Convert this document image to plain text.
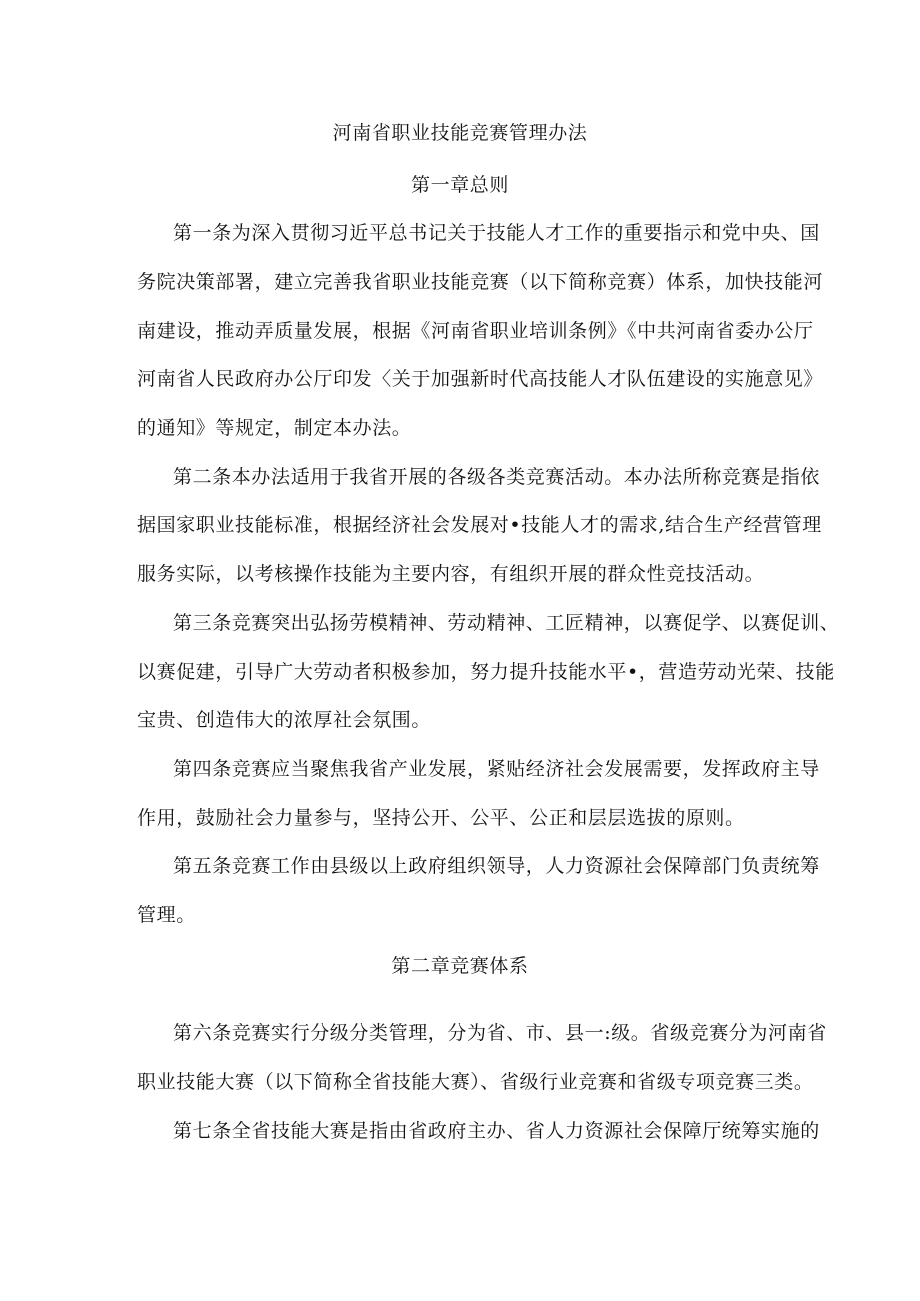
河南省职业技能竞赛管理办法
第一章总则
第一条为深入贯彻习近平总书记关于技能人才工作的重要指示和党中央、国
务院决策部署，建立完善我省职业技能竞赛（以下简称竞赛）体系，加快技能河
南建设，推动弄质量发展，根据《河南省职业培训条例》《中共河南省委办公厅
河南省人民政府办公厅印发〈关于加强新时代高技能人才队伍建设的实施意见》
的通知》等规定，制定本办法。
第二条本办法适用于我省开展的各级各类竞赛活动。本办法所称竞赛是指依
据国家职业技能标准，根据经济社会发展对•技能人才的需求,结合生产经营管理
服务实际，以考核操作技能为主要内容，有组织开展的群众性竞技活动。
第三条竞赛突出弘扬劳模精神、劳动精神、工匠精神，以赛促学、以赛促训、
以赛促建，引导广大劳动者积极参加，努力提升技能水平•，营造劳动光荣、技能
宝贵、创造伟大的浓厚社会氛围。
第四条竞赛应当聚焦我省产业发展，紧贴经济社会发展需要，发挥政府主导
作用，鼓励社会力量参与，坚持公开、公平、公正和层层选拔的原则。
第五条竞赛工作由县级以上政府组织领导，人力资源社会保障部门负责统筹
管理。
第二章竞赛体系
第六条竞赛实行分级分类管理，分为省、市、县一:级。省级竞赛分为河南省
职业技能大赛（以下简称全省技能大赛）、省级行业竞赛和省级专项竞赛三类。
第七条全省技能大赛是指由省政府主办、省人力资源社会保障厅统筹实施的
